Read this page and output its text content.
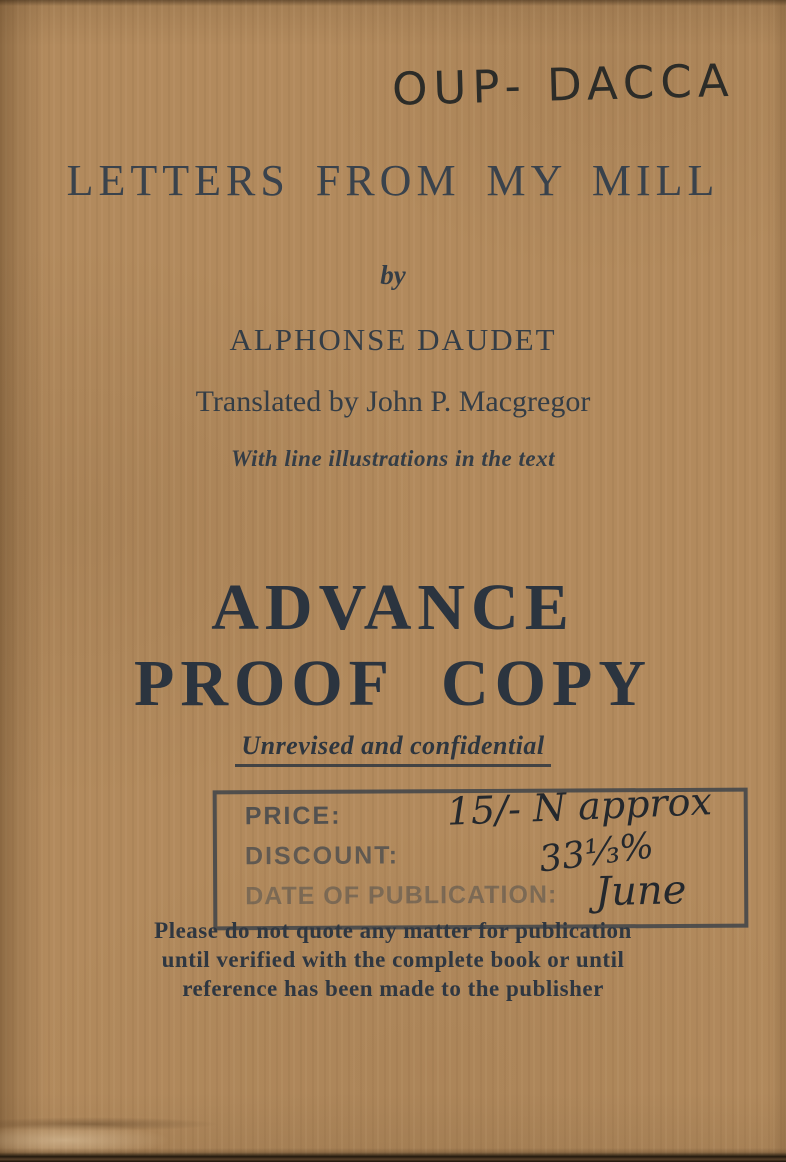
OUP- DACCA
LETTERS FROM MY MILL
by
ALPHONSE DAUDET
Translated by John P. Macgregor
With line illustrations in the text
ADVANCE
PROOF COPY
Unrevised and confidential
PRICE:
DISCOUNT:
DATE OF PUBLICATION:
15/- N approx
33⅓%
June
Please do not quote any matter for publication
until verified with the complete book or until
reference has been made to the publisher
